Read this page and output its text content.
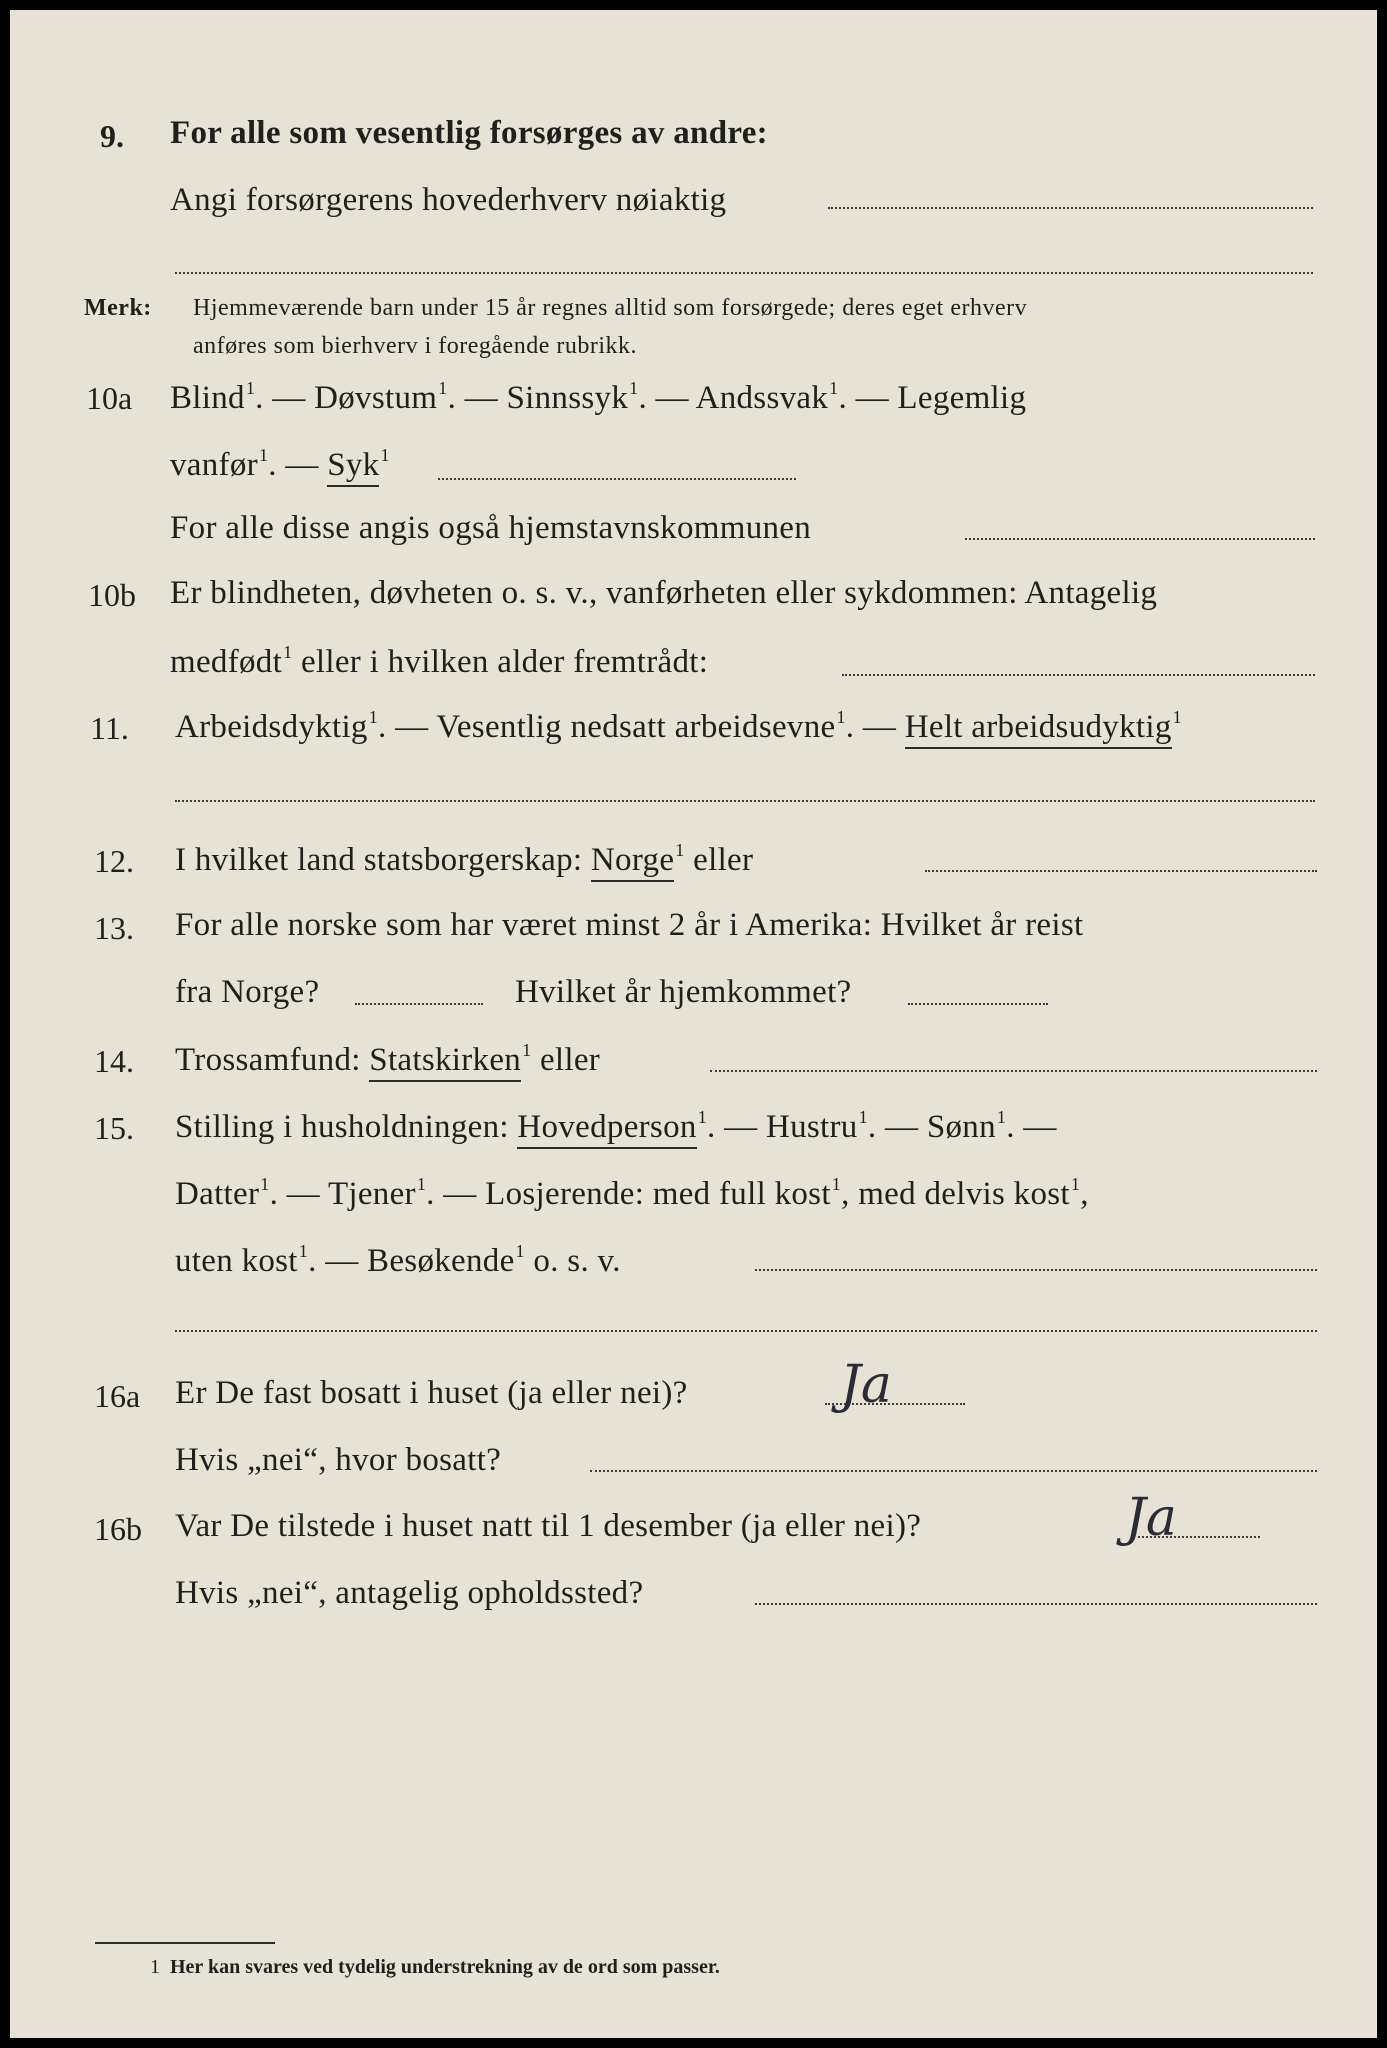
9. For alle som vesentlig forsørges av andre:
Angi forsørgerens hovederhverv nøiaktig
Merk: Hjemmeværende barn under 15 år regnes alltid som forsørgede; deres eget erhverv
anføres som bierhverv i foregående rubrikk.
10a Blind$^1$. — Døvstum$^1$. — Sinnssyk$^1$. — Andssvak$^1$. — Legemlig
vanfør$^1$. — Syk$^1$
For alle disse angis også hjemstavnskommunen
10b Er blindheten, døvheten o. s. v., vanførheten eller sykdommen: Antagelig
medfødt$^1$ eller i hvilken alder fremtrådt:
11. Arbeidsdyktig$^1$. — Vesentlig nedsatt arbeidsevne$^1$. — Helt arbeidsudyktig$^1$
12. I hvilket land statsborgerskap: Norge$^1$ eller
13. For alle norske som har været minst 2 år i Amerika: Hvilket år reist
fra Norge?	Hvilket år hjemkommet?
14. Trossamfund: Statskirken$^1$ eller
15. Stilling i husholdningen: Hovedperson$^1$. — Hustru$^1$. — Sønn$^1$. —
Datter$^1$. — Tjener$^1$. — Losjerende: med full kost$^1$, med delvis kost$^1$,
uten kost$^1$. — Besøkende$^1$ o. s. v.
16a Er De fast bosatt i huset (ja eller nei)?	Ja
Hvis „nei“, hvor bosatt?
16b Var De tilstede i huset natt til 1 desember (ja eller nei)?	Ja
Hvis „nei“, antagelig opholdssted?
1 Her kan svares ved tydelig understrekning av de ord som passer.
